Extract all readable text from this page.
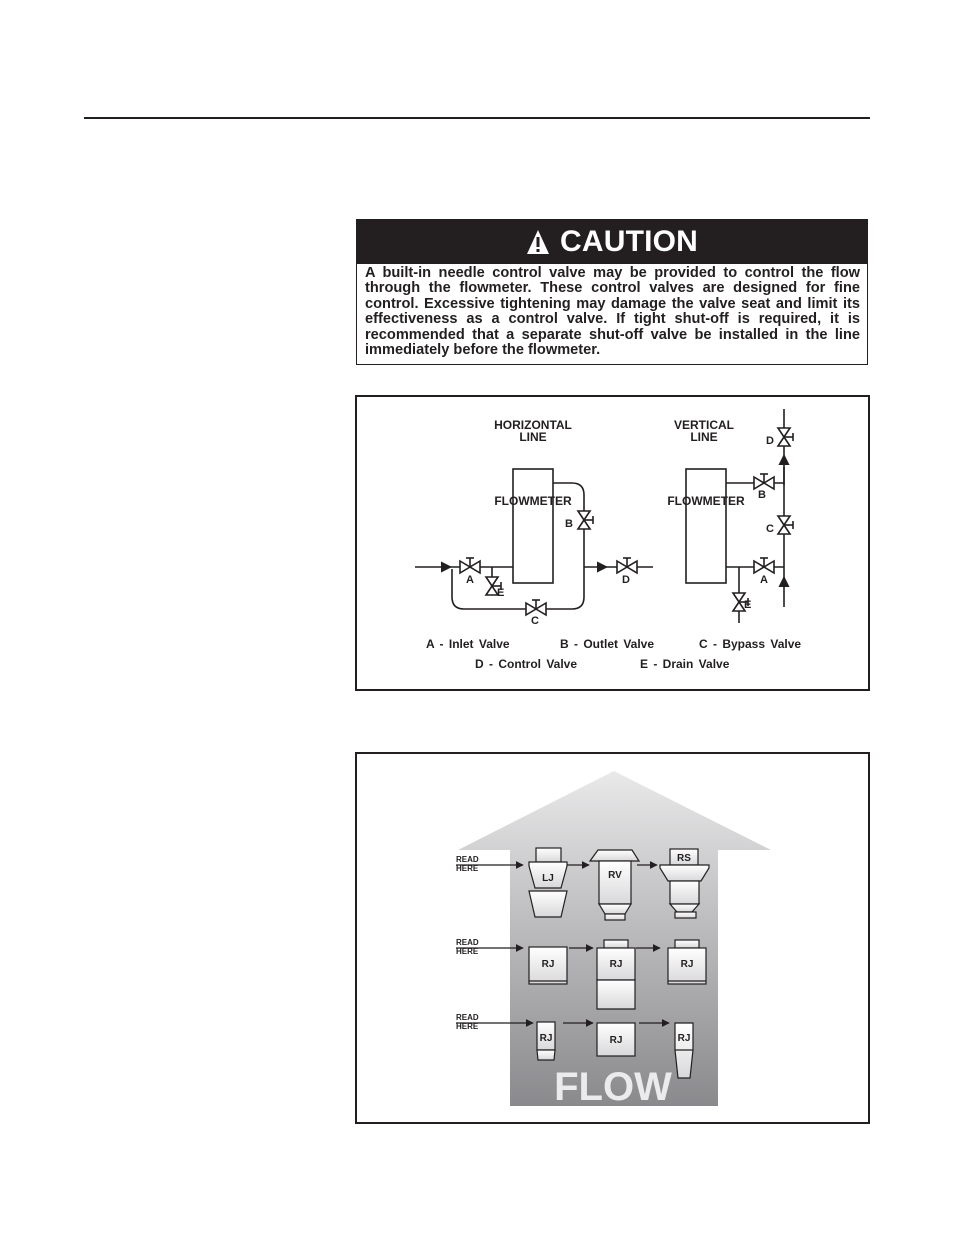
CAUTION
A built-in needle control valve may be provided to control the flow through the flowmeter. These control valves are designed for fine control. Excessive tightening may damage the valve seat and limit its effectiveness as a control valve. If tight shut-off is required, it is recommended that a separate shut-off valve be installed in the line immediately before the flowmeter.
HORIZONTAL
LINE
VERTICAL
LINE
FLOWMETER	FLOWMETER
A
E
B
C
D
D
B
C
A
E
A - Inlet Valve	B - Outlet Valve	C - Bypass Valve
D - Control Valve	E - Drain Valve
FLOW
READ
HERE
READ
HERE
READ
HERE
LJ	RV
RS
RJ	RJ	RJ
RJ	RJ	RJ
